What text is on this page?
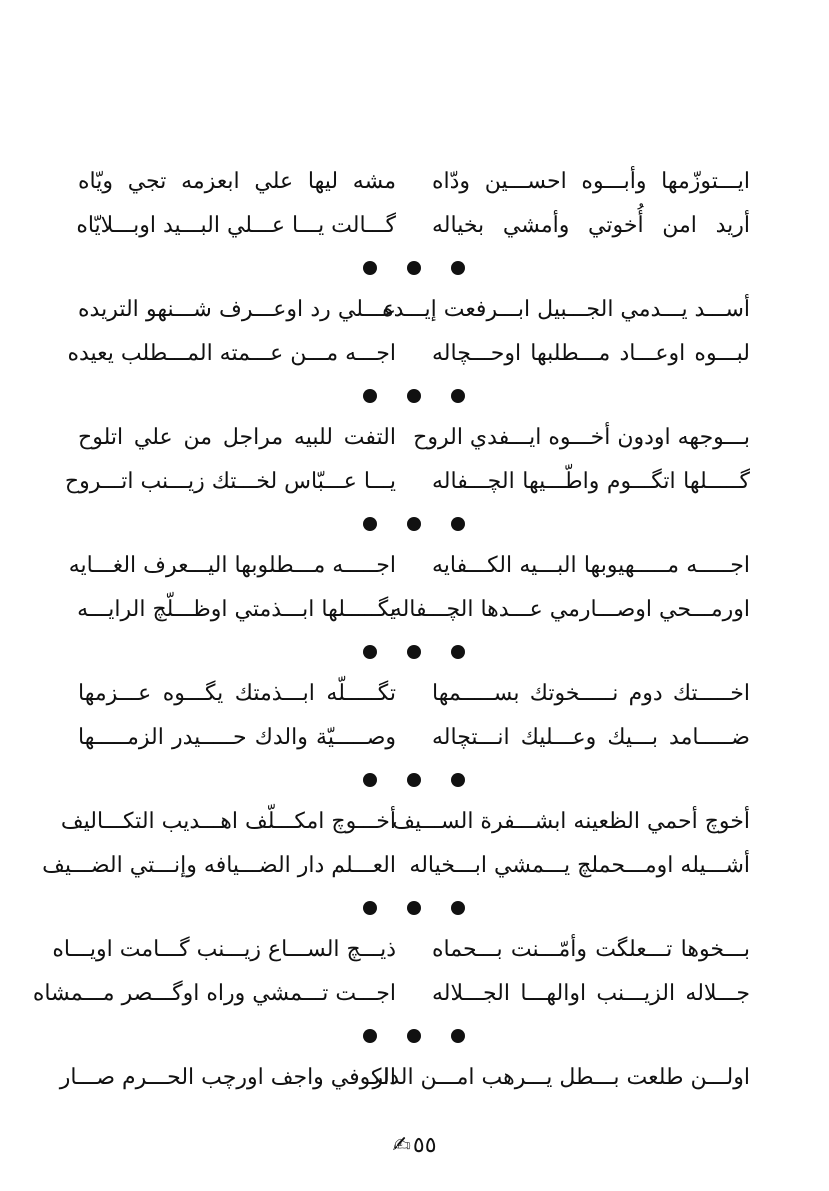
مشه ليها علي ابعزمه تجي ويّاه ايـــتوزّمها وأبـــوه احســـين ودّاه
گـــالت يـــا عـــلي البـــيد اوبـــلايّاه أريد امن أُخوتي وأمشي بخياله
عـــلي رد اوعـــرف شـــنهو التريده
أســـد يـــدمي الجـــبيل ابـــرفعت إيـــده
اجـــه مـــن عـــمته المـــطلب يعيده لبـــوه اوعـــاد مـــطلبها اوحـــچاله
التفت للبيه مراجل من علي اتلوح بـــوجهه اودون أخـــوه ايـــفدي الروح
يـــا عـــبّاس لخـــتك زيـــنب اتـــروح گـــــلها اتگـــوم واطّـــيها الچـــفاله
اجـــــه مـــطلوبها اليـــعرف الغـــايه اجـــــه مـــــهيوبها البـــيه الكـــفايه
يگـــــلها ابـــذمتي اوظـــلّچ الرايـــه
اورمـــحي اوصـــارمي عـــدها الچـــفاله
تگـــــلّه ابـــذمتك يگـــوه عـــزمها اخـــــتك دوم نـــــخوتك بســـــمها
وصـــــيّة والدك حـــــيدر الزمـــــها ضـــــامد بـــيك وعـــليك انـــتچاله
أخـــوچ امكـــلّف اهـــديب التكـــاليف
أخوچ أحمي الظعينه ابشـــفرة الســـيف
العـــلم دار الضـــيافه وإنـــتي الضـــيف أشـــيله اومـــحملچ يـــمشي ابـــخياله
ذيـــچ الســـاع زيـــنب گـــامت اويـــاه بـــخوها تـــعلگت وأمّـــنت بـــحماه
اجـــت تـــمشي وراه اوگـــصر مـــمشاه جـــلاله الزيـــنب اوالهـــا الجـــلاله
الكوفي واجف اورچب الحـــرم صـــار
اولـــن طلعت بـــطل يـــرهب امـــن الدار
٥٥✍
